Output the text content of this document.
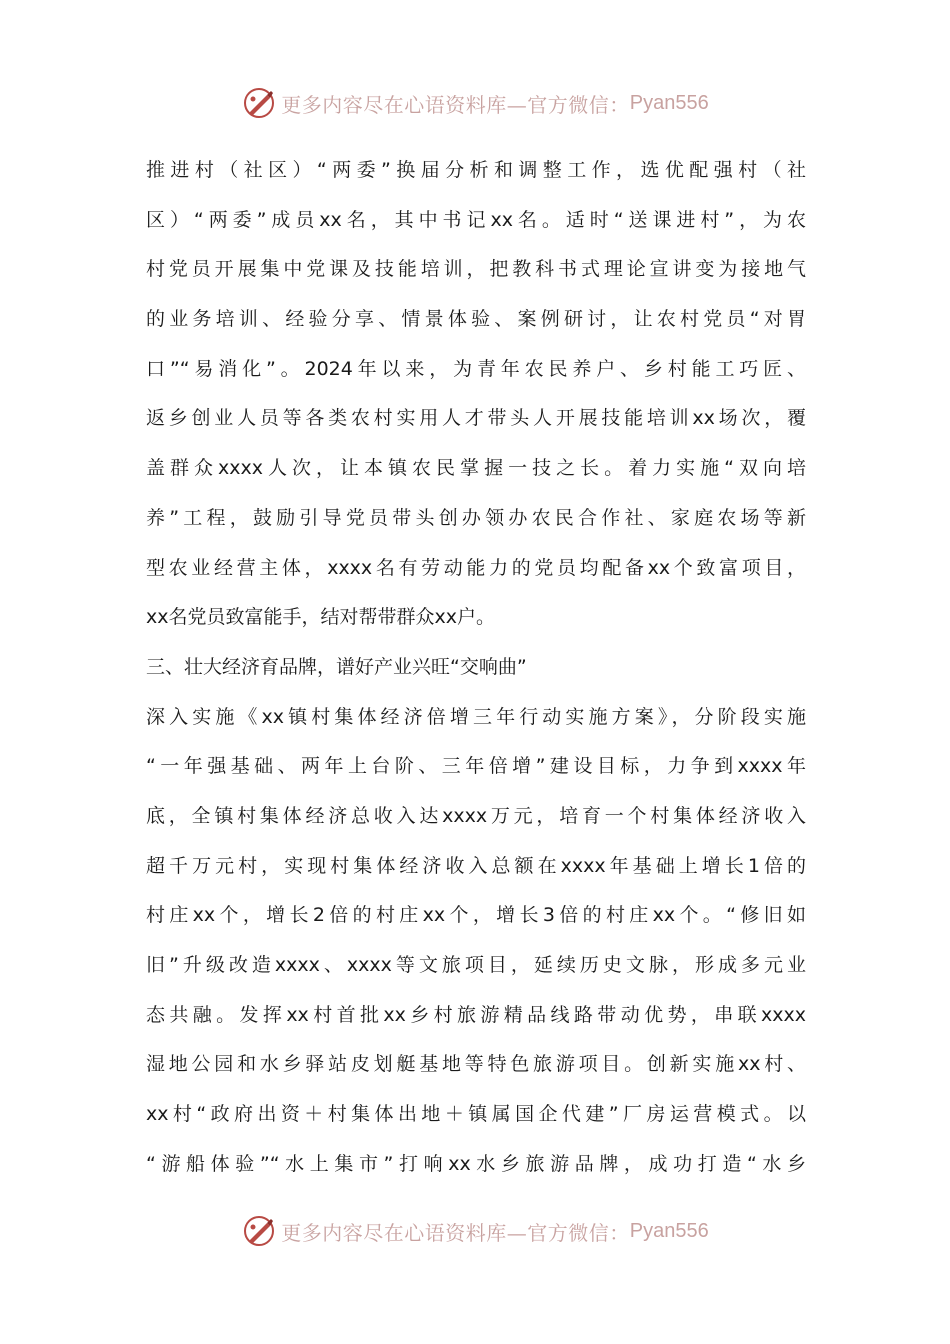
更多内容尽在心语资料库—官方微信： Pyan556
推进村（社区）“两委”换届分析和调整工作，选优配强村（社
区）“两委”成员xx名，其中书记xx名。适时“送课进村”，为农
村党员开展集中党课及技能培训，把教科书式理论宣讲变为接地气
的业务培训、经验分享、情景体验、案例研讨，让农村党员“对胃
口”“易消化”。2024年以来，为青年农民养户、乡村能工巧匠、
返乡创业人员等各类农村实用人才带头人开展技能培训xx场次，覆
盖群众xxxx人次，让本镇农民掌握一技之长。着力实施“双向培
养”工程，鼓励引导党员带头创办领办农民合作社、家庭农场等新
型农业经营主体，xxxx名有劳动能力的党员均配备xx个致富项目，
xx名党员致富能手，结对帮带群众xx户。
三、壮大经济育品牌，谱好产业兴旺“交响曲”
深入实施《xx镇村集体经济倍增三年行动实施方案》，分阶段实施
“一年强基础、两年上台阶、三年倍增”建设目标，力争到xxxx年
底，全镇村集体经济总收入达xxxx万元，培育一个村集体经济收入
超千万元村，实现村集体经济收入总额在xxxx年基础上增长1倍的
村庄xx个，增长2倍的村庄xx个，增长3倍的村庄xx个。“修旧如
旧”升级改造xxxx、xxxx等文旅项目，延续历史文脉，形成多元业
态共融。发挥xx村首批xx乡村旅游精品线路带动优势，串联xxxx
湿地公园和水乡驿站皮划艇基地等特色旅游项目。创新实施xx村、
xx村“政府出资＋村集体出地＋镇属国企代建”厂房运营模式。以
“游船体验”“水上集市”打响xx水乡旅游品牌，成功打造“水乡
更多内容尽在心语资料库—官方微信： Pyan556
